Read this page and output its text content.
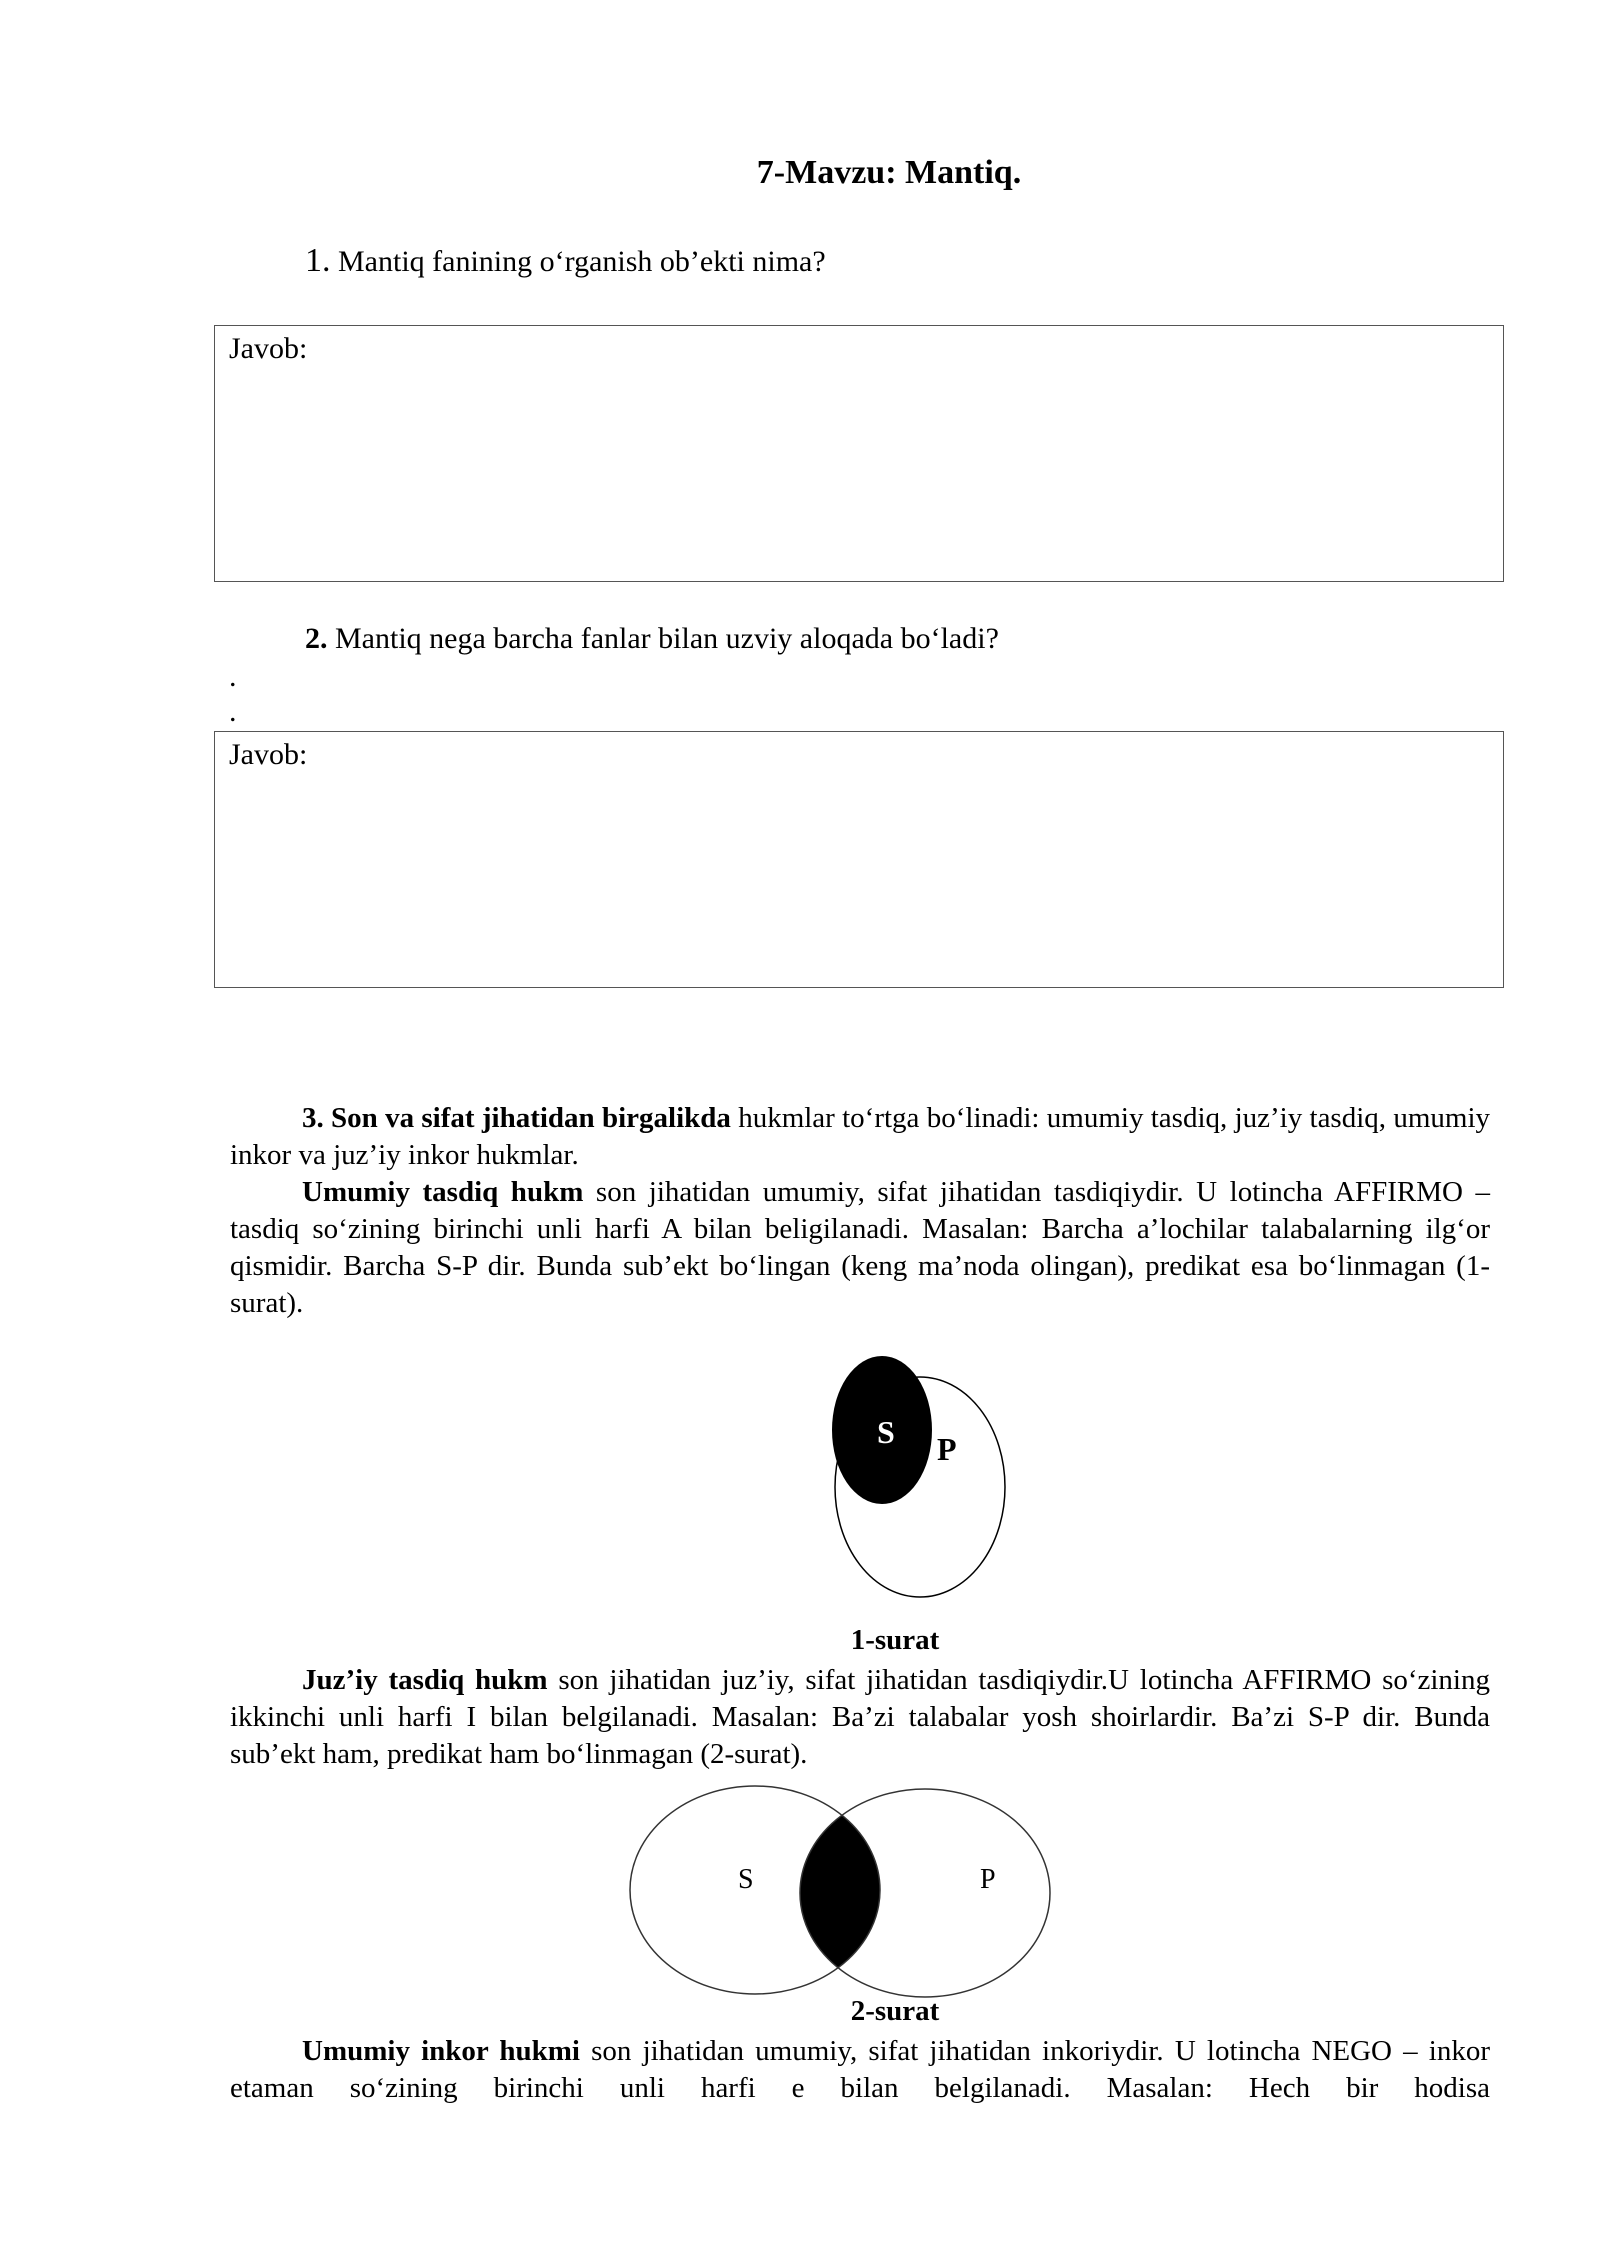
7-Mavzu: Mantiq.
1. Mantiq fanining o‘rganish ob’ekti nima?
Javob:
2. Mantiq nega barcha fanlar bilan uzviy aloqada bo‘ladi?
.
.
Javob:

3. Son va sifat jihatidan birgalikda hukmlar to‘rtga bo‘linadi: umumiy tasdiq, juz’iy tasdiq, umumiy inkor va juz’iy inkor hukmlar.

Umumiy tasdiq hukm son jihatidan umumiy, sifat jihatidan tasdiqiydir. U lotincha AFFIRMO – tasdiq so‘zining birinchi unli harfi A bilan beligilanadi. Masalan: Barcha a’lochilar talabalarning ilg‘or qismidir. Barcha S-P dir. Bunda sub’ekt bo‘lingan (keng ma’noda olingan), predikat esa bo‘linmagan (1-surat).

S P
1-surat

Juz’iy tasdiq hukm son jihatidan juz’iy, sifat jihatidan tasdiqiydir.U lotincha AFFIRMO so‘zining ikkinchi unli harfi I bilan belgilanadi. Masalan: Ba’zi talabalar yosh shoirlardir. Ba’zi S-P dir. Bunda sub’ekt ham, predikat ham bo‘linmagan (2-surat).

S	P
2-surat

Umumiy inkor hukmi son jihatidan umumiy, sifat jihatidan inkoriydir. U lotincha NEGO – inkor etaman so‘zining birinchi unli harfi e bilan belgilanadi. Masalan: Hech bir hodisa
